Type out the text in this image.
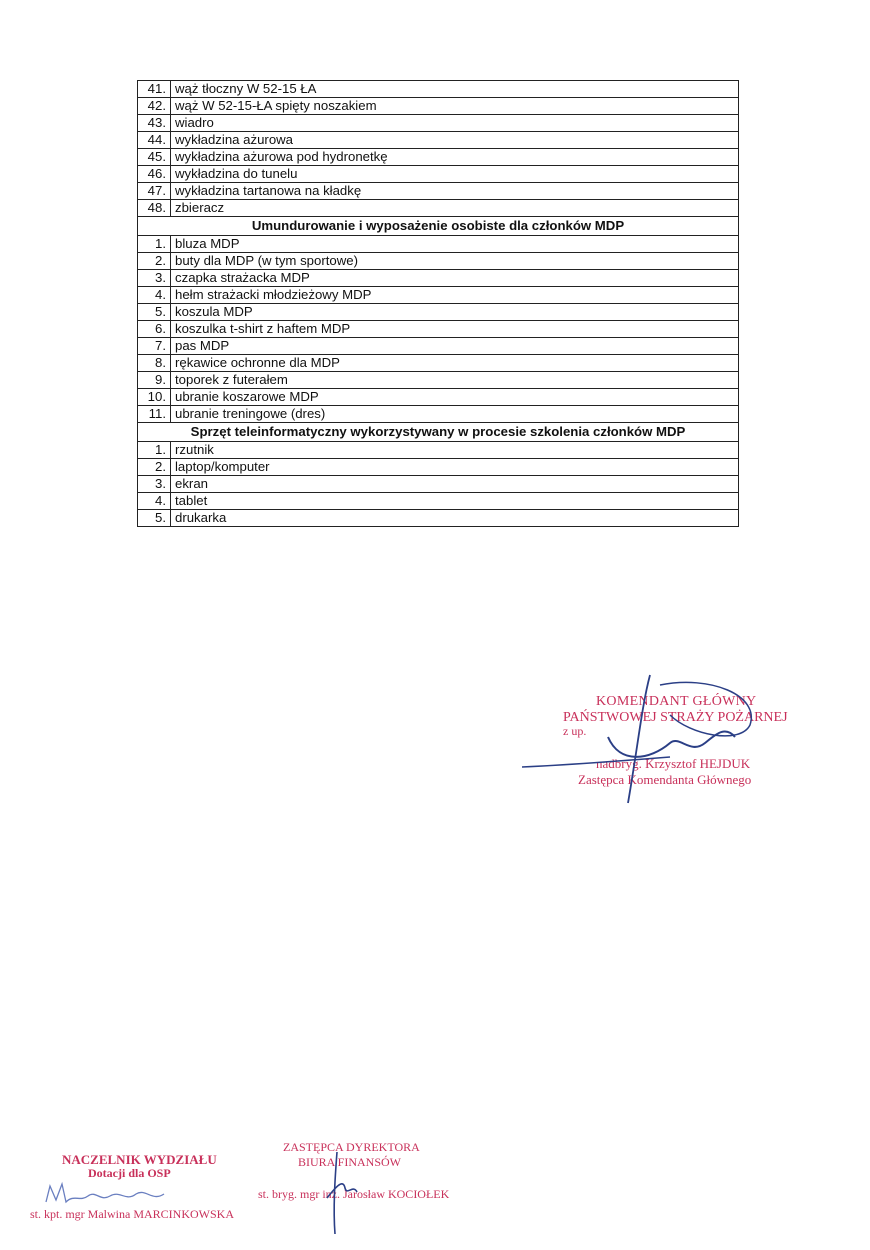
41.	wąż tłoczny W 52-15 ŁA
42.	wąż W 52-15-ŁA spięty noszakiem
43.	wiadro
44.	wykładzina ażurowa
45.	wykładzina ażurowa pod hydronetkę
46.	wykładzina do tunelu
47.	wykładzina tartanowa na kładkę
48.	zbieracz
Umundurowanie i wyposażenie osobiste dla członków MDP	
1.	bluza MDP
2.	buty dla MDP (w tym sportowe)
3.	czapka strażacka MDP
4.	hełm strażacki młodzieżowy MDP
5.	koszula MDP
6.	koszulka t-shirt z haftem MDP
7.	pas MDP
8.	rękawice ochronne dla MDP
9.	toporek z futerałem
10.	ubranie koszarowe MDP
11.	ubranie treningowe (dres)
Sprzęt teleinformatyczny wykorzystywany w procesie szkolenia członków MDP	
1.	rzutnik
2.	laptop/komputer
3.	ekran
4.	tablet
5.	drukarka
KOMENDANT GŁÓWNY
PAŃSTWOWEJ STRAŻY POŻARNEJ
z up.
nadbryg. Krzysztof HEJDUK
Zastępca Komendanta Głównego
NACZELNIK WYDZIAŁU
Dotacji dla OSP
st. kpt. mgr Malwina MARCINKOWSKA
ZASTĘPCA DYREKTORA
BIURA FINANSÓW
st. bryg. mgr inż. Jarosław KOCIOŁEK
